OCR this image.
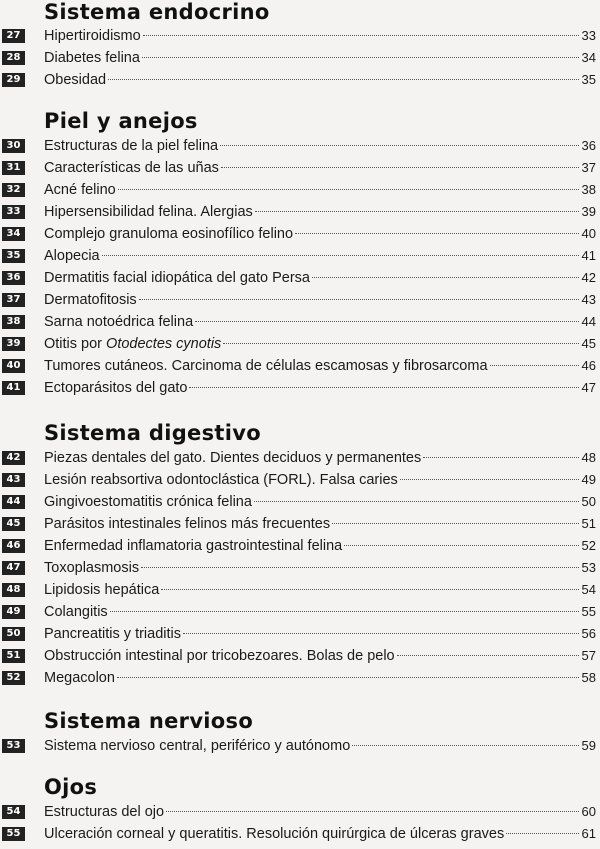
Sistema endocrino
27	Hipertiroidismo	33
28	Diabetes felina	34
29	Obesidad	35
Piel y anejos
30	Estructuras de la piel felina	36
31	Características de las uñas	37
32	Acné felino	38
33	Hipersensibilidad felina. Alergias	39
34	Complejo granuloma eosinofílico felino	40
35	Alopecia	41
36	Dermatitis facial idiopática del gato Persa	42
37	Dermatofitosis	43
38	Sarna notoédrica felina	44
39	Otitis por Otodectes cynotis	45
40	Tumores cutáneos. Carcinoma de células escamosas y fibrosarcoma	46
41	Ectoparásitos del gato	47
Sistema digestivo
42	Piezas dentales del gato. Dientes deciduos y permanentes	48
43	Lesión reabsortiva odontoclástica (FORL). Falsa caries	49
44	Gingivoestomatitis crónica felina	50
45	Parásitos intestinales felinos más frecuentes	51
46	Enfermedad inflamatoria gastrointestinal felina	52
47	Toxoplasmosis	53
48	Lipidosis hepática	54
49	Colangitis	55
50	Pancreatitis y triaditis	56
51	Obstrucción intestinal por tricobezoares. Bolas de pelo	57
52	Megacolon	58
Sistema nervioso
53	Sistema nervioso central, periférico y autónomo	59
Ojos
54	Estructuras del ojo	60
55	Ulceración corneal y queratitis. Resolución quirúrgica de úlceras graves	61
